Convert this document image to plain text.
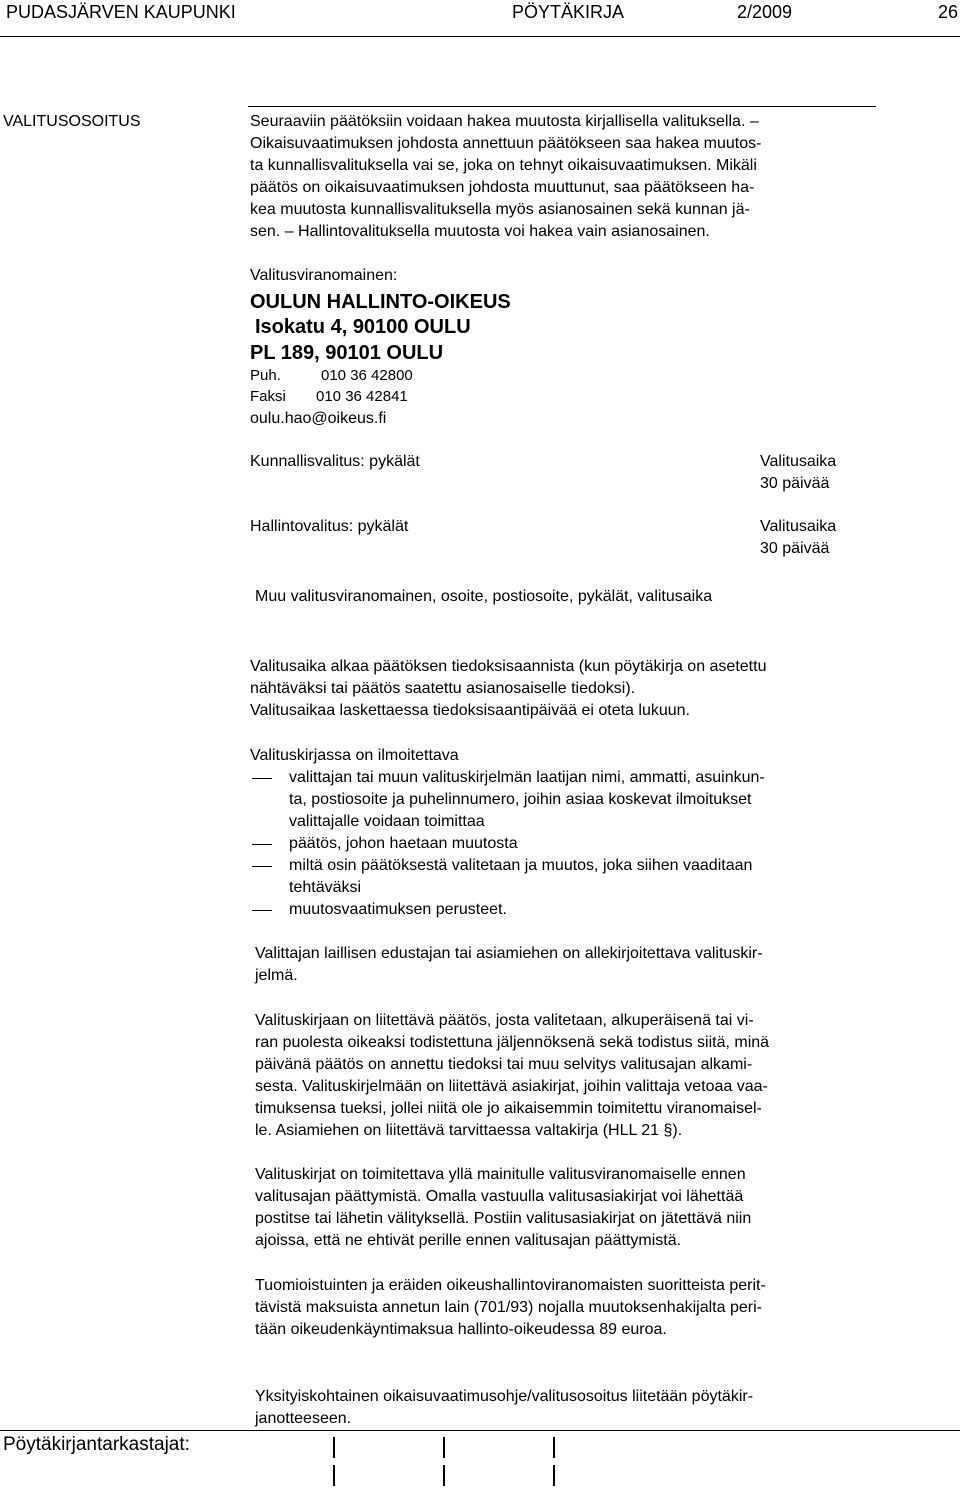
PUDASJÄRVEN KAUPUNKI	PÖYTÄKIRJA	2/2009	26
VALITUSOSOITUS	Seuraaviin päätöksiin voidaan hakea muutosta kirjallisella valituksella. –
Oikaisuvaatimuksen johdosta annettuun päätökseen saa hakea muutos-
ta kunnallisvalituksella vai se, joka on tehnyt oikaisuvaatimuksen. Mikäli
päätös on oikaisuvaatimuksen johdosta muuttunut, saa päätökseen ha-
kea muutosta kunnallisvalituksella myös asianosainen sekä kunnan jä-
sen. – Hallintovalituksella muutosta voi hakea vain asianosainen.
Valitusviranomainen:
OULUN HALLINTO-OIKEUS
Isokatu 4, 90100 OULU
PL 189, 90101 OULU
Puh.	010 36 42800
Faksi 010 36 42841
oulu.hao@oikeus.fi
Kunnallisvalitus: pykälät	Valitusaika
30 päivää
Hallintovalitus: pykälät	Valitusaika
30 päivää
Muu valitusviranomainen, osoite, postiosoite, pykälät, valitusaika
Valitusaika alkaa päätöksen tiedoksisaannista (kun pöytäkirja on asetettu
nähtäväksi tai päätös saatettu asianosaiselle tiedoksi).
Valitusaikaa laskettaessa tiedoksisaantipäivää ei oteta lukuun.
Valituskirjassa on ilmoitettava
valittajan tai muun valituskirjelmän laatijan nimi, ammatti, asuinkun-
ta, postiosoite ja puhelinnumero, joihin asiaa koskevat ilmoitukset
valittajalle voidaan toimittaa
päätös, johon haetaan muutosta
miltä osin päätöksestä valitetaan ja muutos, joka siihen vaaditaan
tehtäväksi
muutosvaatimuksen perusteet.
Valittajan laillisen edustajan tai asiamiehen on allekirjoitettava valituskir-
jelmä.
Valituskirjaan on liitettävä päätös, josta valitetaan, alkuperäisenä tai vi-
ran puolesta oikeaksi todistettuna jäljennöksenä sekä todistus siitä, minä
päivänä päätös on annettu tiedoksi tai muu selvitys valitusajan alkami-
sesta. Valituskirjelmään on liitettävä asiakirjat, joihin valittaja vetoaa vaa-
timuksensa tueksi, jollei niitä ole jo aikaisemmin toimitettu viranomaisel-
le. Asiamiehen on liitettävä tarvittaessa valtakirja (HLL 21 §).
Valituskirjat on toimitettava yllä mainitulle valitusviranomaiselle ennen
valitusajan päättymistä. Omalla vastuulla valitusasiakirjat voi lähettää
postitse tai lähetin välityksellä. Postiin valitusasiakirjat on jätettävä niin
ajoissa, että ne ehtivät perille ennen valitusajan päättymistä.
Tuomioistuinten ja eräiden oikeushallintoviranomaisten suoritteista perit-
tävistä maksuista annetun lain (701/93) nojalla muutoksenhakijalta peri-
tään oikeudenkäyntimaksua hallinto-oikeudessa 89 euroa.
Yksityiskohtainen oikaisuvaatimusohje/valitusosoitus liitetään pöytäkir-
janotteeseen.
Pöytäkirjantarkastajat:
